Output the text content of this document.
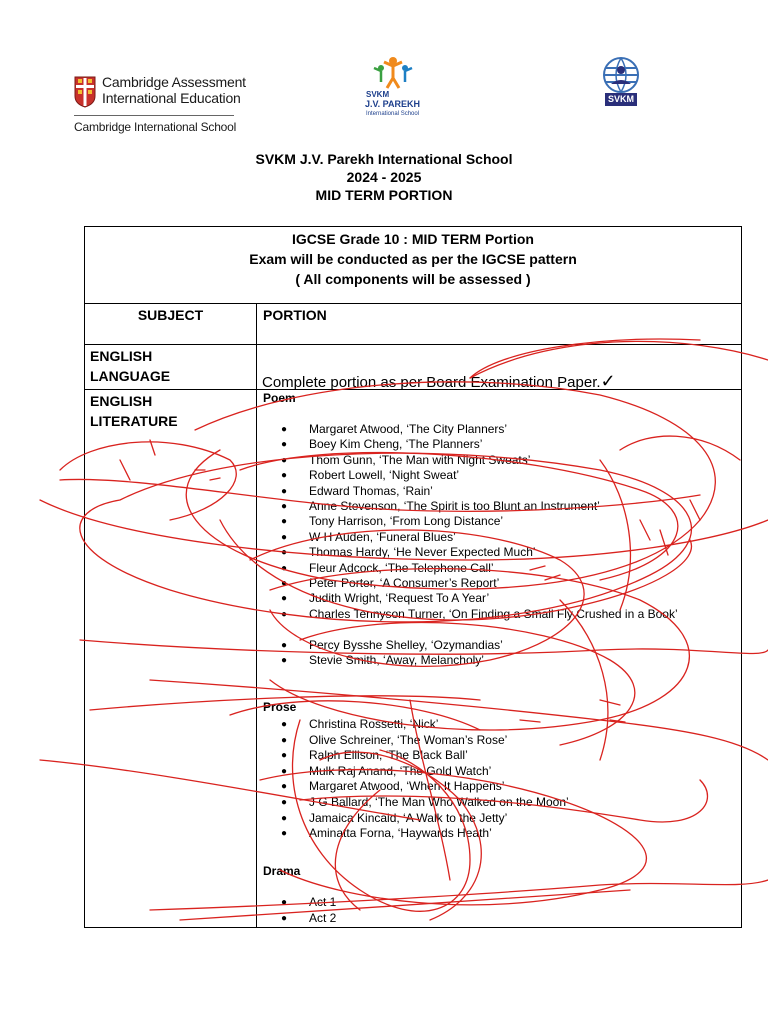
Cambridge Assessment
International Education
Cambridge International School
SVKM
J.V. PAREKH
International School
SVKM
SVKM J.V. Parekh International School
2024 - 2025
MID TERM PORTION
IGCSE Grade 10 : MID TERM Portion
Exam will be conducted as per the IGCSE pattern
( All components will be assessed )
SUBJECT	PORTION
ENGLISH
LANGUAGE	Complete portion as per Board Examination Paper.✓
ENGLISH
LITERATURE
Poem
● Margaret Atwood, ‘The City Planners’
● Boey Kim Cheng, ‘The Planners’
● Thom Gunn, ‘The Man with Night Sweats’
● Robert Lowell, ‘Night Sweat’
● Edward Thomas, ‘Rain’
● Anne Stevenson, ‘The Spirit is too Blunt an Instrument’
● Tony Harrison, ‘From Long Distance’
● W H Auden, ‘Funeral Blues’
● Thomas Hardy, ‘He Never Expected Much’
● Fleur Adcock, ‘The Telephone Call’
● Peter Porter, ‘A Consumer’s Report’
● Judith Wright, ‘Request To A Year’
● Charles Tennyson Turner, ‘On Finding a Small Fly Crushed in a Book’
● Percy Bysshe Shelley, ‘Ozymandias’
● Stevie Smith, ‘Away, Melancholy’
Prose
● Christina Rossetti, ‘Nick’
● Olive Schreiner, ‘The Woman’s Rose’
● Ralph Ellison, ‘The Black Ball’
● Mulk Raj Anand, ‘The Gold Watch’
● Margaret Atwood, ‘When It Happens’
● J G Ballard, ‘The Man Who Walked on the Moon’
● Jamaica Kincaid, ‘A Walk to the Jetty’
● Aminatta Forna, ‘Haywards Heath’
Drama
● Act 1
● Act 2
